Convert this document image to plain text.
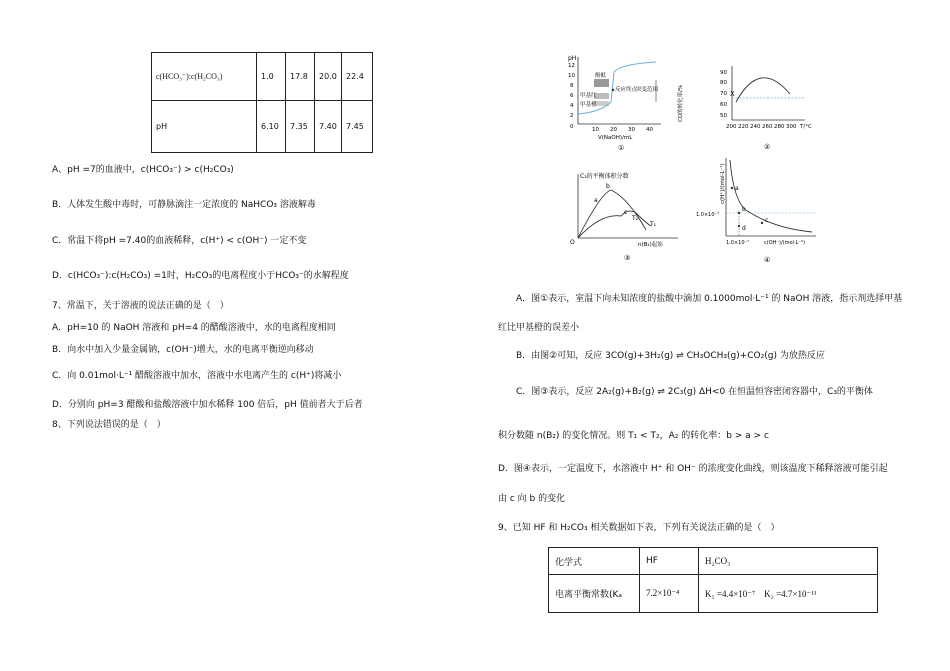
c(HCO₃⁻):c(H₂CO₃)	1.0	17.8	20.0	22.4
pH	6.10	7.35	7.40	7.45
A、pH =7的血液中，c(HCO₃⁻) > c(H₂CO₃)
B．人体发生酸中毒时，可静脉滴注一定浓度的 NaHCO₃ 溶液解毒
C．常温下将pH =7.40的血液稀释，c(H⁺) < c(OH⁻) 一定不变
D．c(HCO₃⁻):c(H₂CO₃) =1时，H₂CO₃的电离程度小于HCO₃⁻的水解程度
7、常温下，关于溶液的说法正确的是（　）
A．pH=10 的 NaOH 溶液和 pH=4 的醋酸溶液中，水的电离程度相同
B．向水中加入少量金属钠，c(OH⁻)增大，水的电离平衡逆向移动
C．向 0.01mol·L⁻¹ 醋酸溶液中加水，溶液中水电离产生的 c(H⁺)将减小
D．分别向 pH=3 醋酸和盐酸溶液中加水稀释 100 倍后，pH 值前者大于后者
8、下列说法错误的是（　）
pH
12
10
8
6
4
2
0	10 20 30 40
V(NaOH)/mL
酚酞
甲基红
甲基橙
反应终点
突变范围
①
CO的转化率/%
90
80
70
60
50
200 220 240 260 280 300 T/°C
X
②
C₃的平衡体积分数
O
a
b
c
T₁
T₂
n(B₂)起始
③
c(H⁺)/(mol·L⁻¹) a
b
c
d
1.0×10⁻⁷
1.0×10⁻⁷	c(OH⁻)/(mol·L⁻¹)
④
A．图①表示，室温下向未知浓度的盐酸中滴加 0.1000mol·L⁻¹ 的 NaOH 溶液，指示剂选择甲基
红比甲基橙的误差小
B．由图②可知，反应 3CO(g)+3H₂(g) ⇌ CH₃OCH₃(g)+CO₂(g) 为放热反应
C．图③表示，反应 2A₂(g)+B₂(g) ⇌ 2C₃(g) ΔH<0 在恒温恒容密闭容器中，C₃的平衡体
积分数随 n(B₂) 的变化情况。则 T₁ < T₂，A₂ 的转化率：b > a > c
D．图④表示，一定温度下，水溶液中 H⁺ 和 OH⁻ 的浓度变化曲线，则该温度下稀释溶液可能引起
由 c 向 b 的变化
9、已知 HF 和 H₂CO₃ 相关数据如下表，下列有关说法正确的是（　）
化学式	HF	H₂CO₃
电离平衡常数(Kₐ	7.2×10⁻⁴	K₁ =4.4×10⁻⁷　K₂ =4.7×10⁻¹¹
